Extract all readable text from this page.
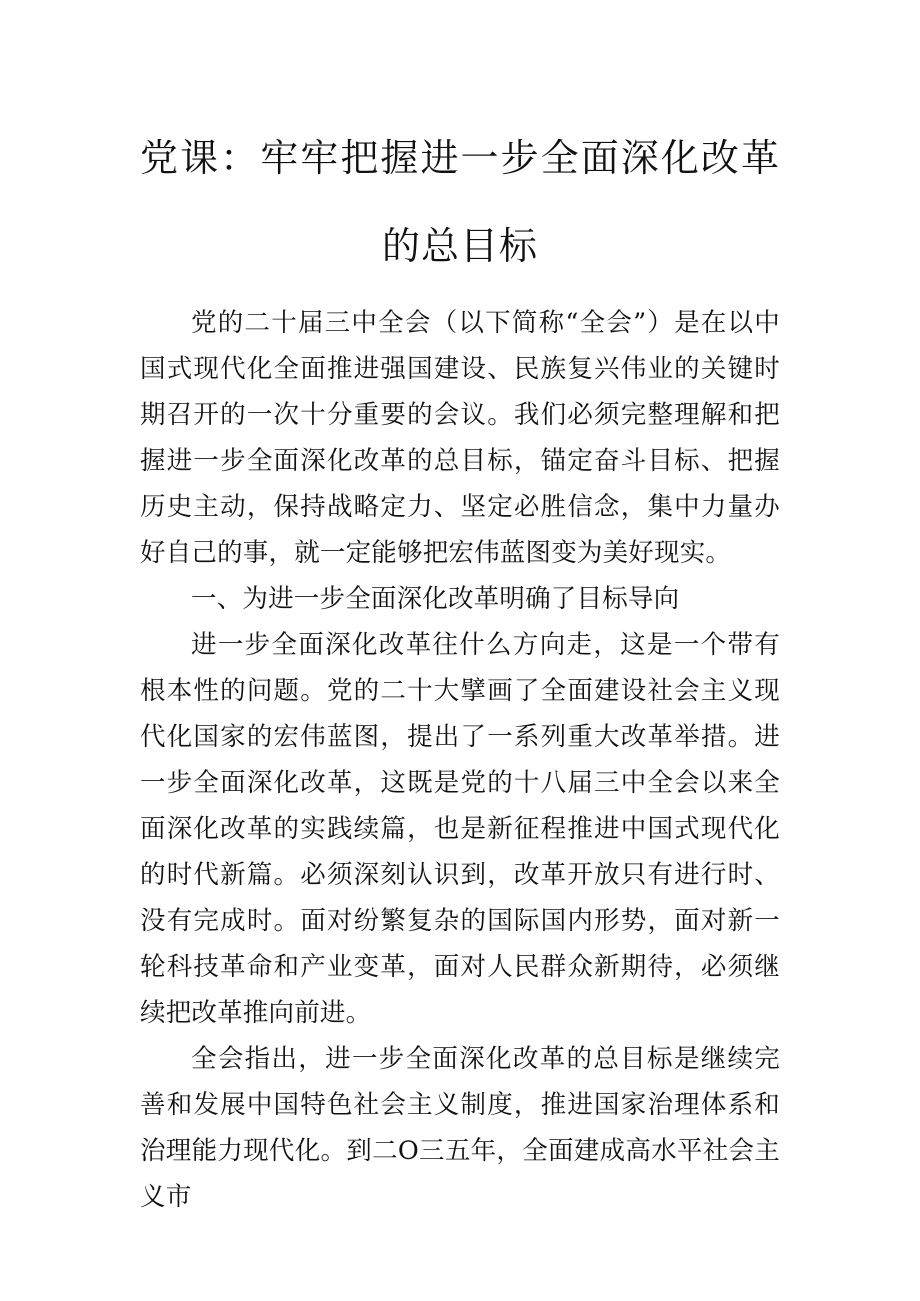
党课：牢牢把握进一步全面深化改革的总目标

党的二十届三中全会（以下简称“全会”）是在以中国式现代化全面推进强国建设、民族复兴伟业的关键时期召开的一次十分重要的会议。我们必须完整理解和把握进一步全面深化改革的总目标，锚定奋斗目标、把握历史主动，保持战略定力、坚定必胜信念，集中力量办好自己的事，就一定能够把宏伟蓝图变为美好现实。

一、为进一步全面深化改革明确了目标导向

进一步全面深化改革往什么方向走，这是一个带有根本性的问题。党的二十大擘画了全面建设社会主义现代化国家的宏伟蓝图，提出了一系列重大改革举措。进一步全面深化改革，这既是党的十八届三中全会以来全面深化改革的实践续篇，也是新征程推进中国式现代化的时代新篇。必须深刻认识到，改革开放只有进行时、没有完成时。面对纷繁复杂的国际国内形势，面对新一轮科技革命和产业变革，面对人民群众新期待，必须继续把改革推向前进。

全会指出，进一步全面深化改革的总目标是继续完善和发展中国特色社会主义制度，推进国家治理体系和治理能力现代化。到二O三五年，全面建成高水平社会主义市
